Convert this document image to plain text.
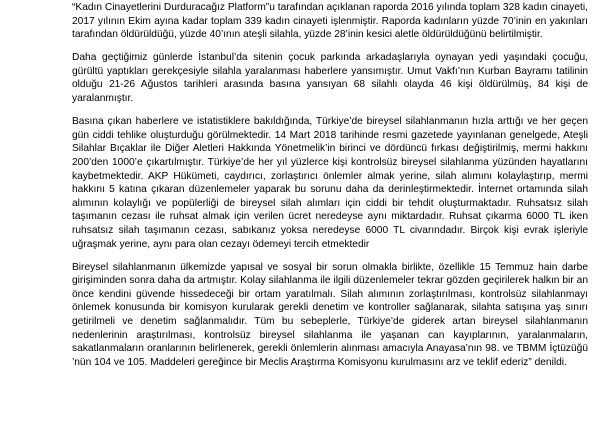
“Kadın Cinayetlerini Durduracağız Platform”u tarafından açıklanan raporda 2016 yılında toplam 328 kadın cinayeti, 2017 yılının Ekim ayına kadar toplam 339 kadın cinayeti işlenmiştir. Raporda kadınların yüzde 70’inin en yakınları tarafından öldürüldüğü, yüzde 40’ının ateşli silahla, yüzde 28’inin kesici aletle öldürüldüğünü belirtilmiştir.

Daha geçtiğimiz günlerde İstanbul’da sitenin çocuk parkında arkadaşlarıyla oynayan yedi yaşındaki çocuğu, gürültü yaptıkları gerekçesiyle silahla yaralanması haberlere yansımıştır. Umut Vakfı’nın Kurban Bayramı tatilinin olduğu 21-26 Ağustos tarihleri arasında basına yansıyan 68 silahlı olayda 46 kişi öldürülmüş, 84 kişi de yaralanmıştır.

Basına çıkan haberlere ve istatistiklere bakıldığında, Türkiye’de bireysel silahlanmanın hızla arttığı ve her geçen gün ciddi tehlike oluşturduğu görülmektedir. 14 Mart 2018 tarihinde resmi gazetede yayınlanan genelgede, Ateşli Silahlar Bıçaklar ile Diğer Aletleri Hakkında Yönetmelik’in birinci ve dördüncü fırkası değiştirilmiş, mermi hakkını 200’den 1000’e çıkartılmıştır. Türkiye’de her yıl yüzlerce kişi kontrolsüz bireysel silahlanma yüzünden hayatlarını kaybetmektedir. AKP Hükümeti, caydırıcı, zorlaştırıcı önlemler almak yerine, silah alımını kolaylaştırıp, mermi hakkını 5 katına çıkaran düzenlemeler yaparak bu sorunu daha da derinleştirmektedir. İnternet ortamında silah alımının kolaylığı ve popülerliği de bireysel silah alımları için ciddi bir tehdit oluşturmaktadır. Ruhsatsız silah taşımanın cezası ile ruhsat almak için verilen ücret neredeyse aynı miktardadır. Ruhsat çıkarma 6000 TL iken ruhsatsız silah taşımanın cezası, sabıkanız yoksa neredeyse 6000 TL civarındadır. Birçok kişi evrak işleriyle uğraşmak yerine, aynı para olan cezayı ödemeyi tercih etmektedir

Bireysel silahlanmanın ülkemizde yapısal ve sosyal bir sorun olmakla birlikte, özellikle 15 Temmuz hain darbe girişiminden sonra daha da artmıştır. Kolay silahlanma ile ilgili düzenlemeler tekrar gözden geçirilerek halkın bir an önce kendini güvende hissedeceği bir ortam yaratılmalı. Silah alımının zorlaştırılması, kontrolsüz silahlanmayı önlemek konusunda bir komisyon kurularak gerekli denetim ve kontroller sağlanarak, silahta satışına yaş sınırı getirilmeli ve denetim sağlanmalıdır. Tüm bu sebeplerle, Türkiye’de giderek artan bireysel silahlanmanın nedenlerinin araştırılması, kontrolsüz bireysel silahlanma ile yaşanan can kayıplarının, yaralanmaların, sakatlanmaların oranlarının belirlenerek, gerekli önlemlerin alınması amacıyla Anayasa’nın 98. ve TBMM İçtüzüğü ’nün 104 ve 105. Maddeleri gereğince bir Meclis Araştırma Komisyonu kurulmasını arz ve teklif ederiz” denildi.
